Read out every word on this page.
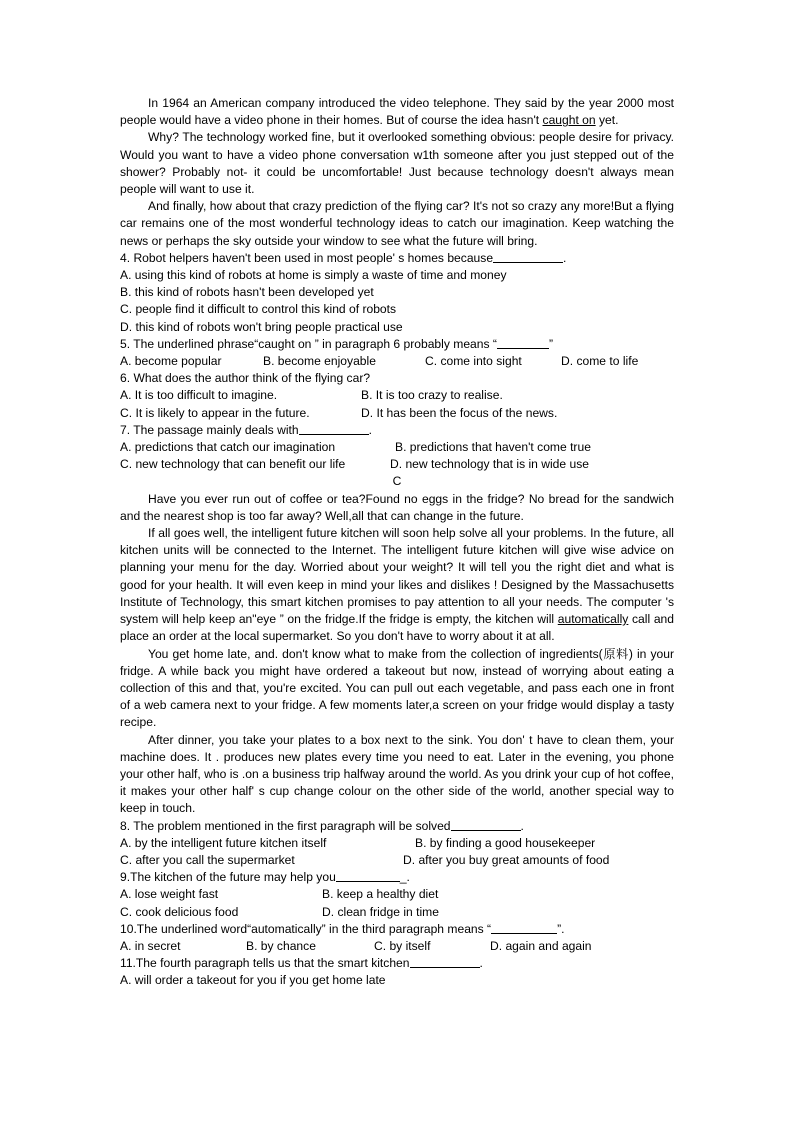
In 1964 an American company introduced the video telephone. They said by the year 2000 most people would have a video phone in their homes. But of course the idea hasn't caught on yet.

Why? The technology worked fine, but it overlooked something obvious: people desire for privacy. Would you want to have a video phone conversation w1th someone after you just stepped out of the shower? Probably not- it could be uncomfortable! Just because technology doesn't always mean people will want to use it.

And finally, how about that crazy prediction of the flying car? It's not so crazy any more!But a flying car remains one of the most wonderful technology ideas to catch our imagination. Keep watching the news or perhaps the sky outside your window to see what the future will bring.

4. Robot helpers haven't been used in most people' s homes because	.

A. using this kind of robots at home is simply a waste of time and money

B. this kind of robots hasn't been developed yet

C. people find it difficult to control this kind of robots

D. this kind of robots won't bring people practical use

5. The underlined phrase“caught on ” in paragraph 6 probably means “	”

A. become popular	B. become enjoyable	C. come into sight	D. come to life

6. What does the author think of the flying car?

A. It is too difficult to imagine.	B. It is too crazy to realise.
C. It is likely to appear in the future.	D. It has been the focus of the news.

7. The passage mainly deals with	.

A. predictions that catch our imagination	B. predictions that haven't come true
C. new technology that can benefit our life	D. new technology that is in wide use

C

Have you ever run out of coffee or tea?Found no eggs in the fridge? No bread for the sandwich and the nearest shop is too far away? Well,all that can change in the future.

If all goes well, the intelligent future kitchen will soon help solve all your problems. In the future, all kitchen units will be connected to the Internet. The intelligent future kitchen will give wise advice on planning your menu for the day. Worried about your weight? It will tell you the right diet and what is good for your health. It will even keep in mind your likes and dislikes ! Designed by the Massachusetts Institute of Technology, this smart kitchen promises to pay attention to all your needs. The computer 's system will help keep an"eye ” on the fridge.If the fridge is empty, the kitchen will automatically call and place an order at the local supermarket. So you don't have to worry about it at all.

You get home late, and. don't know what to make from the collection of ingredients(原料) in your fridge. A while back you might have ordered a takeout but now, instead of worrying about eating a collection of this and that, you're excited. You can pull out each vegetable, and pass each one in front of a web camera next to your fridge. A few moments later,a screen on your fridge would display a tasty recipe.

After dinner, you take your plates to a box next to the sink. You don' t have to clean them, your machine does. It . produces new plates every time you need to eat. Later in the evening, you phone your other half, who is .on a business trip halfway around the world. As you drink your cup of hot coffee, it makes your other half' s cup change colour on the other side of the world, another special way to keep in touch.

8. The problem mentioned in the first paragraph will be solved	.

A. by the intelligent future kitchen itself	B. by finding a good housekeeper
C. after you call the supermarket	D. after you buy great amounts of food

9.The kitchen of the future may help you	_.

A. lose weight fast	B. keep a healthy diet
C. cook delicious food	D. clean fridge in time

10.The underlined word“automatically” in the third paragraph means “	”.

A. in secret	B. by chance	C. by itself	D. again and again

11.The fourth paragraph tells us that the smart kitchen	.

A. will order a takeout for you if you get home late
